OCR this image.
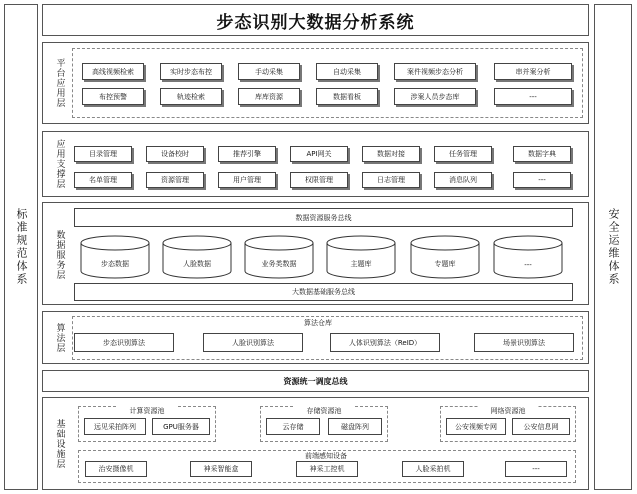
步态识别大数据分析系统
标准规范体系	安全运维体系
平台应用层	高线视频检索	实时步态布控	手动采集	自动采集	案件视频步态分析	串并案分析
布控预警	轨迹检索	库库资源	数据看板	涉案人员步态库	---
应用支撑层	目录管理	设备校时	推荐引擎	API网关	数据对接	任务管理	数据字典
名单管理	资源管理	用户管理	权限管理	日志管理	消息队列	---
数据服务层
数据资源服务总线
大数据基础服务总线
步态数据	人脸数据	业务类数据	主题库	专题库	---
算法层	算法仓库
步态识别算法	人脸识别算法	人体识别算法（ReID）	场景识别算法
资源统一调度总线
基础设施层
计算资源池
远见采拍阵列	GPU服务器
存储资源池
云存储	磁盘阵列
网络资源池
公安视频专网	公安信息网
前端感知设备
治安摄像机	神采智能盒	神采工控机	人脸采拍机	---
